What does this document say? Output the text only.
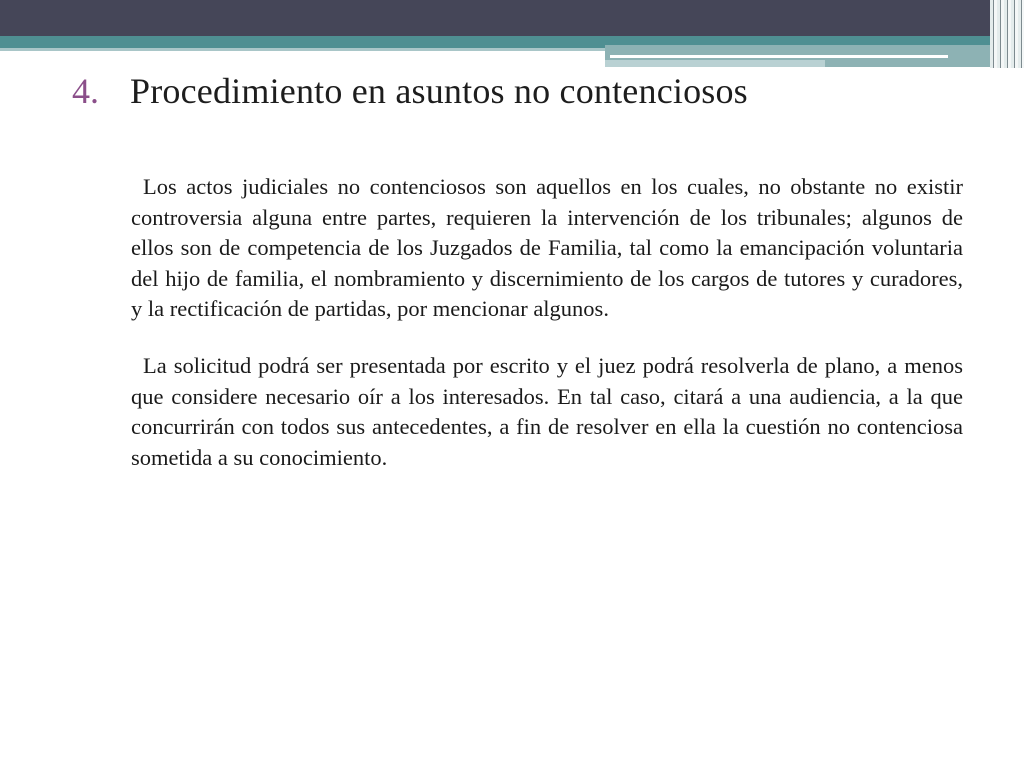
4. Procedimiento en asuntos no contenciosos

Los actos judiciales no contenciosos son aquellos en los cuales, no obstante no existir controversia alguna entre partes, requieren la intervención de los tribunales; algunos de ellos son de competencia de los Juzgados de Familia, tal como la emancipación voluntaria del hijo de familia, el nombramiento y discernimiento de los cargos de tutores y curadores, y la rectificación de partidas, por mencionar algunos.

La solicitud podrá ser presentada por escrito y el juez podrá resolverla de plano, a menos que considere necesario oír a los interesados. En tal caso, citará a una audiencia, a la que concurrirán con todos sus antecedentes, a fin de resolver en ella la cuestión no contenciosa sometida a su conocimiento.
